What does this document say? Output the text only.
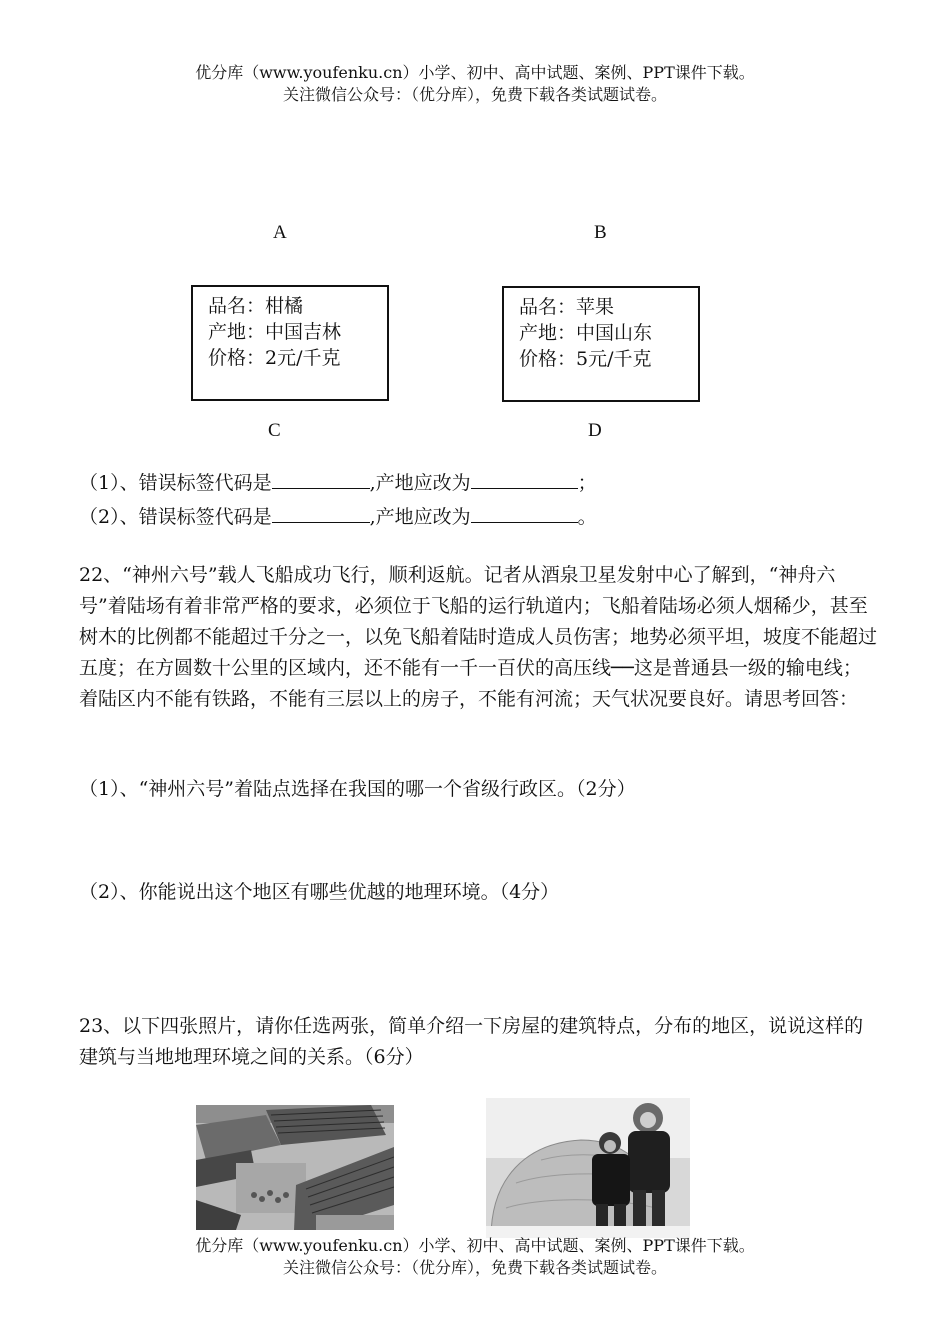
优分库（www.youfenku.cn）小学、初中、高中试题、案例、PPT课件下载。
关注微信公众号：（优分库），免费下载各类试题试卷。
A	B
品名：柑橘
产地：中国吉林
价格：2元/千克
品名：苹果
产地：中国山东
价格：5元/千克
C	D
（1）、错误标签代码是	,产地应改为	；
（2）、错误标签代码是	,产地应改为	。
22、“神州六号”载人飞船成功飞行，顺利返航。记者从酒泉卫星发射中心了解到，“神舟六号”着陆场有着非常严格的要求，必须位于飞船的运行轨道内；飞船着陆场必须人烟稀少，甚至树木的比例都不能超过千分之一，以免飞船着陆时造成人员伤害；地势必须平坦，坡度不能超过五度；在方圆数十公里的区域内，还不能有一千一百伏的高压线──这是普通县一级的输电线；着陆区内不能有铁路，不能有三层以上的房子，不能有河流；天气状况要良好。请思考回答：
（1）、“神州六号”着陆点选择在我国的哪一个省级行政区。（2分）
（2）、你能说出这个地区有哪些优越的地理环境。（4分）
23、以下四张照片，请你任选两张，简单介绍一下房屋的建筑特点，分布的地区，说说这样的建筑与当地地理环境之间的关系。（6分）
优分库（www.youfenku.cn）小学、初中、高中试题、案例、PPT课件下载。
关注微信公众号：（优分库），免费下载各类试题试卷。
